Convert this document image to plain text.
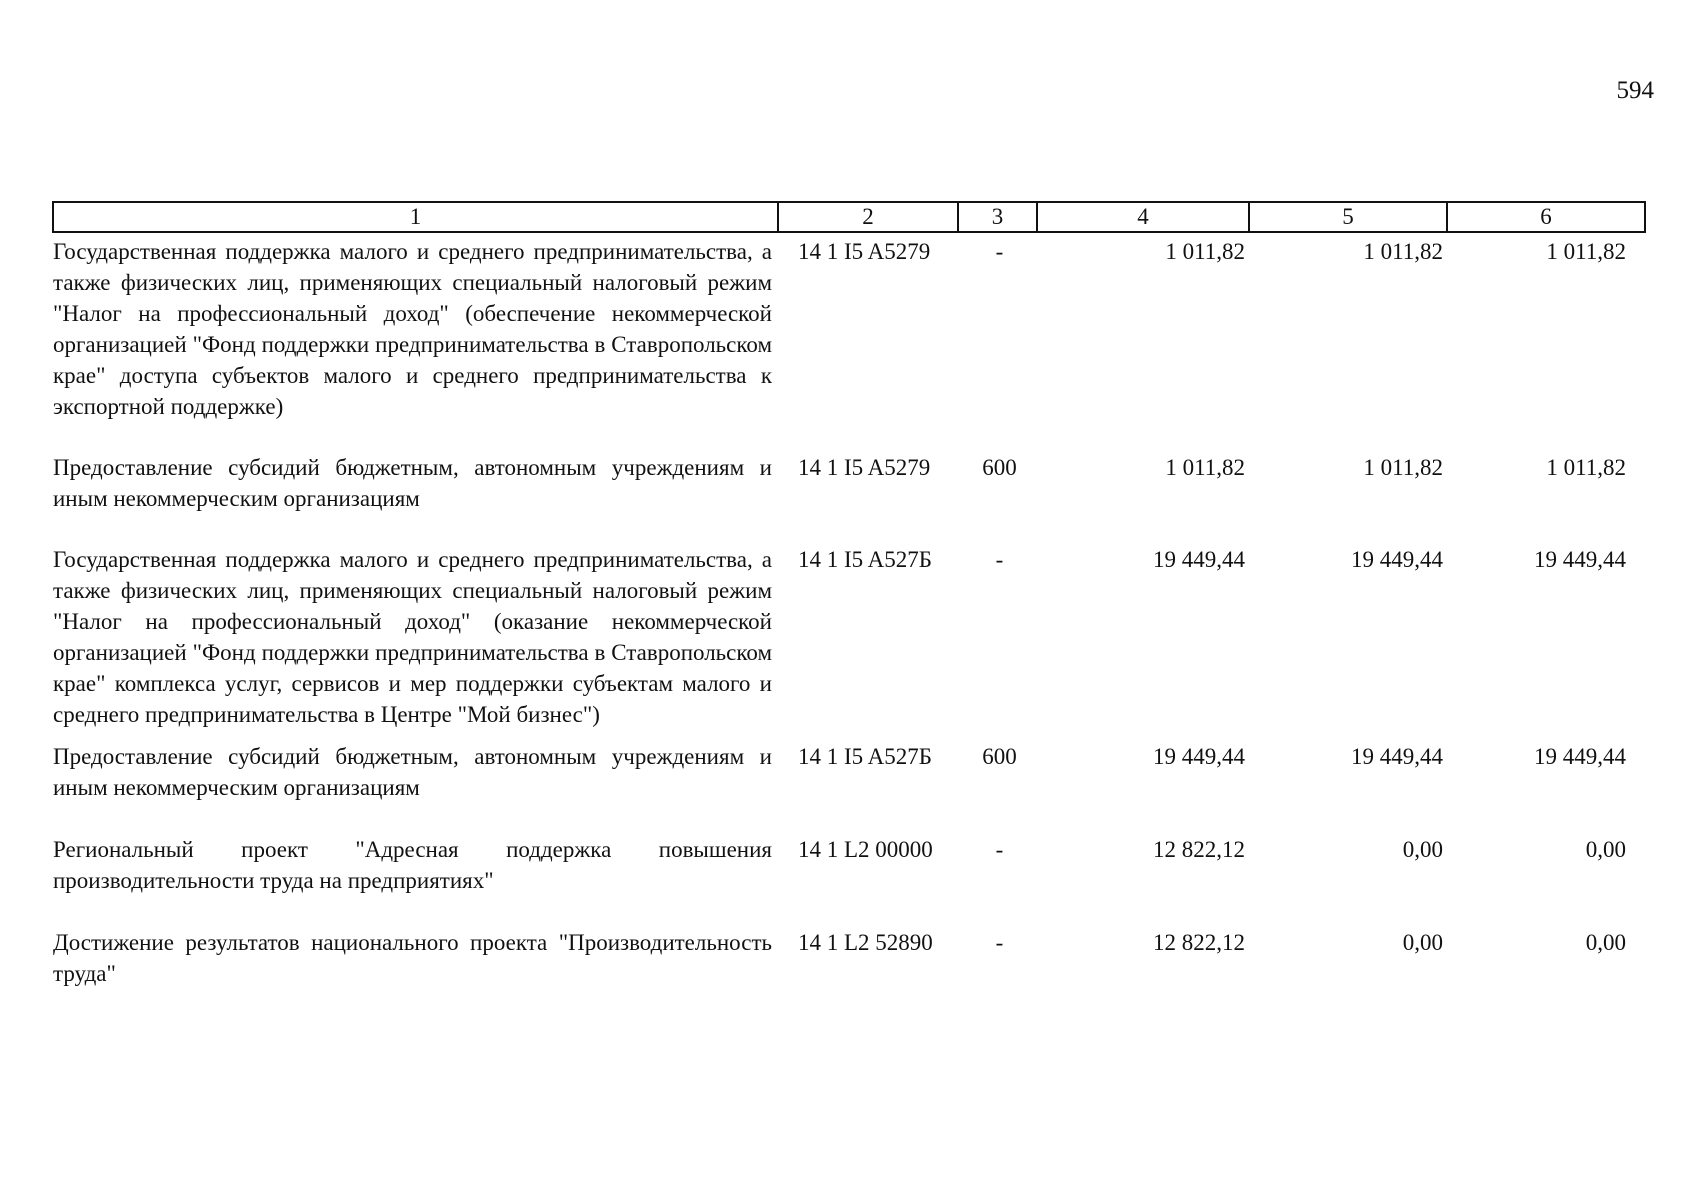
594
1	2	3	4	5	6
Государственная поддержка малого и среднего предпринимательства, а также физических лиц, применяющих специальный налоговый режим "Налог на профессиональный доход" (обеспечение некоммерческой организацией "Фонд поддержки предпринимательства в Ставропольском крае" доступа субъектов малого и среднего предпринимательства к экспортной поддержке)	14 1 I5 A5279	-	1 011,82	1 011,82	1 011,82
Предоставление субсидий бюджетным, автономным учреждениям и иным некоммерческим организациям	14 1 I5 A5279	600	1 011,82	1 011,82	1 011,82
Государственная поддержка малого и среднего предпринимательства, а также физических лиц, применяющих специальный налоговый режим "Налог на профессиональный доход" (оказание некоммерческой организацией "Фонд поддержки предпринимательства в Ставропольском крае" комплекса услуг, сервисов и мер поддержки субъектам малого и среднего предпринимательства в Центре "Мой бизнес")	14 1 I5 A527Б	-	19 449,44	19 449,44	19 449,44
Предоставление субсидий бюджетным, автономным учреждениям и иным некоммерческим организациям	14 1 I5 A527Б	600	19 449,44	19 449,44	19 449,44
Региональный проект "Адресная поддержка повышения производительности труда на предприятиях"	14 1 L2 00000	-	12 822,12	0,00	0,00
Достижение результатов национального проекта "Производительность труда"	14 1 L2 52890	-	12 822,12	0,00	0,00
